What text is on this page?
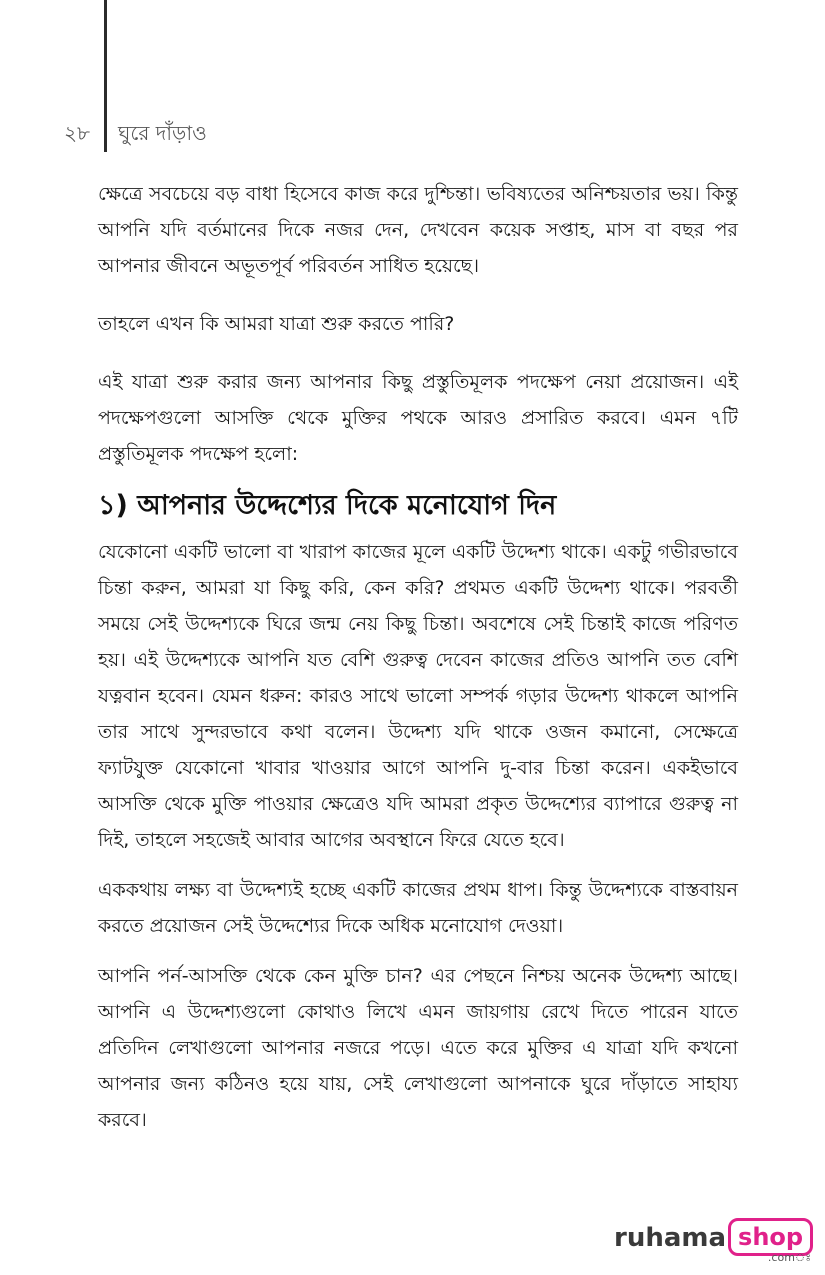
২৮ ঘুরে দাঁড়াও

ক্ষেত্রে সবচেয়ে বড় বাধা হিসেবে কাজ করে দুশ্চিন্তা। ভবিষ্যতের অনিশ্চয়তার ভয়। কিন্তু আপনি যদি বর্তমানের দিকে নজর দেন, দেখবেন কয়েক সপ্তাহ, মাস বা বছর পর আপনার জীবনে অভূতপূর্ব পরিবর্তন সাধিত হয়েছে।

তাহলে এখন কি আমরা যাত্রা শুরু করতে পারি?

এই যাত্রা শুরু করার জন্য আপনার কিছু প্রস্তুতিমূলক পদক্ষেপ নেয়া প্রয়োজন। এই পদক্ষেপগুলো আসক্তি থেকে মুক্তির পথকে আরও প্রসারিত করবে। এমন ৭টি প্রস্তুতিমূলক পদক্ষেপ হলো:

১) আপনার উদ্দেশ্যের দিকে মনোযোগ দিন

যেকোনো একটি ভালো বা খারাপ কাজের মূলে একটি উদ্দেশ্য থাকে। একটু গভীরভাবে চিন্তা করুন, আমরা যা কিছু করি, কেন করি? প্রথমত একটি উদ্দেশ্য থাকে। পরবর্তী সময়ে সেই উদ্দেশ্যকে ঘিরে জন্ম নেয় কিছু চিন্তা। অবশেষে সেই চিন্তাই কাজে পরিণত হয়। এই উদ্দেশ্যকে আপনি যত বেশি গুরুত্ব দেবেন কাজের প্রতিও আপনি তত বেশি যত্নবান হবেন। যেমন ধরুন: কারও সাথে ভালো সম্পর্ক গড়ার উদ্দেশ্য থাকলে আপনি তার সাথে সুন্দরভাবে কথা বলেন। উদ্দেশ্য যদি থাকে ওজন কমানো, সেক্ষেত্রে ফ্যাটযুক্ত যেকোনো খাবার খাওয়ার আগে আপনি দু-বার চিন্তা করেন। একইভাবে আসক্তি থেকে মুক্তি পাওয়ার ক্ষেত্রেও যদি আমরা প্রকৃত উদ্দেশ্যের ব্যাপারে গুরুত্ব না দিই, তাহলে সহজেই আবার আগের অবস্থানে ফিরে যেতে হবে।

এককথায় লক্ষ্য বা উদ্দেশ্যই হচ্ছে একটি কাজের প্রথম ধাপ। কিন্তু উদ্দেশ্যকে বাস্তবায়ন করতে প্রয়োজন সেই উদ্দেশ্যের দিকে অধিক মনোযোগ দেওয়া।

আপনি পর্ন-আসক্তি থেকে কেন মুক্তি চান? এর পেছনে নিশ্চয় অনেক উদ্দেশ্য আছে। আপনি এ উদ্দেশ্যগুলো কোথাও লিখে এমন জায়গায় রেখে দিতে পারেন যাতে প্রতিদিন লেখাগুলো আপনার নজরে পড়ে। এতে করে মুক্তির এ যাত্রা যদি কখনো আপনার জন্য কঠিনও হয়ে যায়, সেই লেখাগুলো আপনাকে ঘুরে দাঁড়াতে সাহায্য করবে।

ruhama shop
.comঃ
